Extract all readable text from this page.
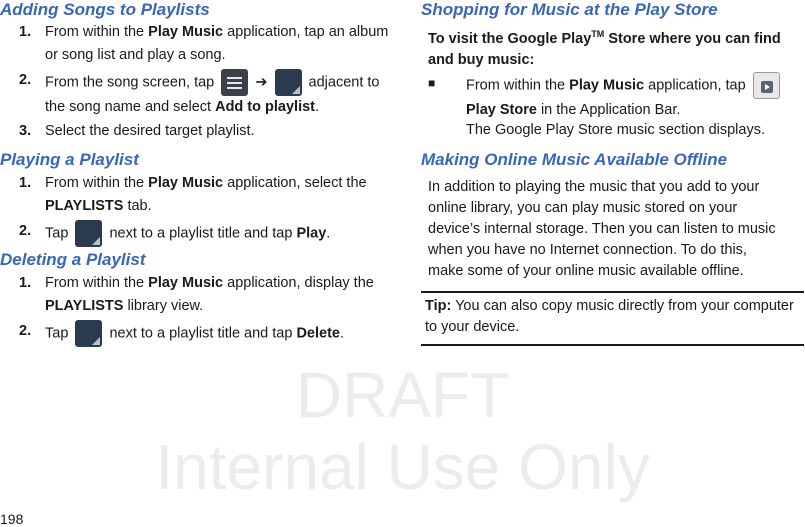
DRAFT
Internal Use Only
Adding Songs to Playlists
1. From within the Play Music application, tap an album or song list and play a song.
2. From the song screen, tap	➔	adjacent to the song name and select Add to playlist.
3. Select the desired target playlist.
Playing a Playlist
1. From within the Play Music application, select the PLAYLISTS tab.
2. Tap  next to a playlist title and tap Play.
Deleting a Playlist
1. From within the Play Music application, display the PLAYLISTS library view.
2. Tap  next to a playlist title and tap Delete.
Shopping for Music at the Play Store
To visit the Google Play™ Store where you can find and buy music:
■ From within the Play Music application, tap Play Store in the Application Bar.
The Google Play Store music section displays.
Making Online Music Available Offline
In addition to playing the music that you add to your online library, you can play music stored on your device’s internal storage. Then you can listen to music when you have no Internet connection. To do this, make some of your online music available offline.
Tip: You can also copy music directly from your computer to your device.
198
